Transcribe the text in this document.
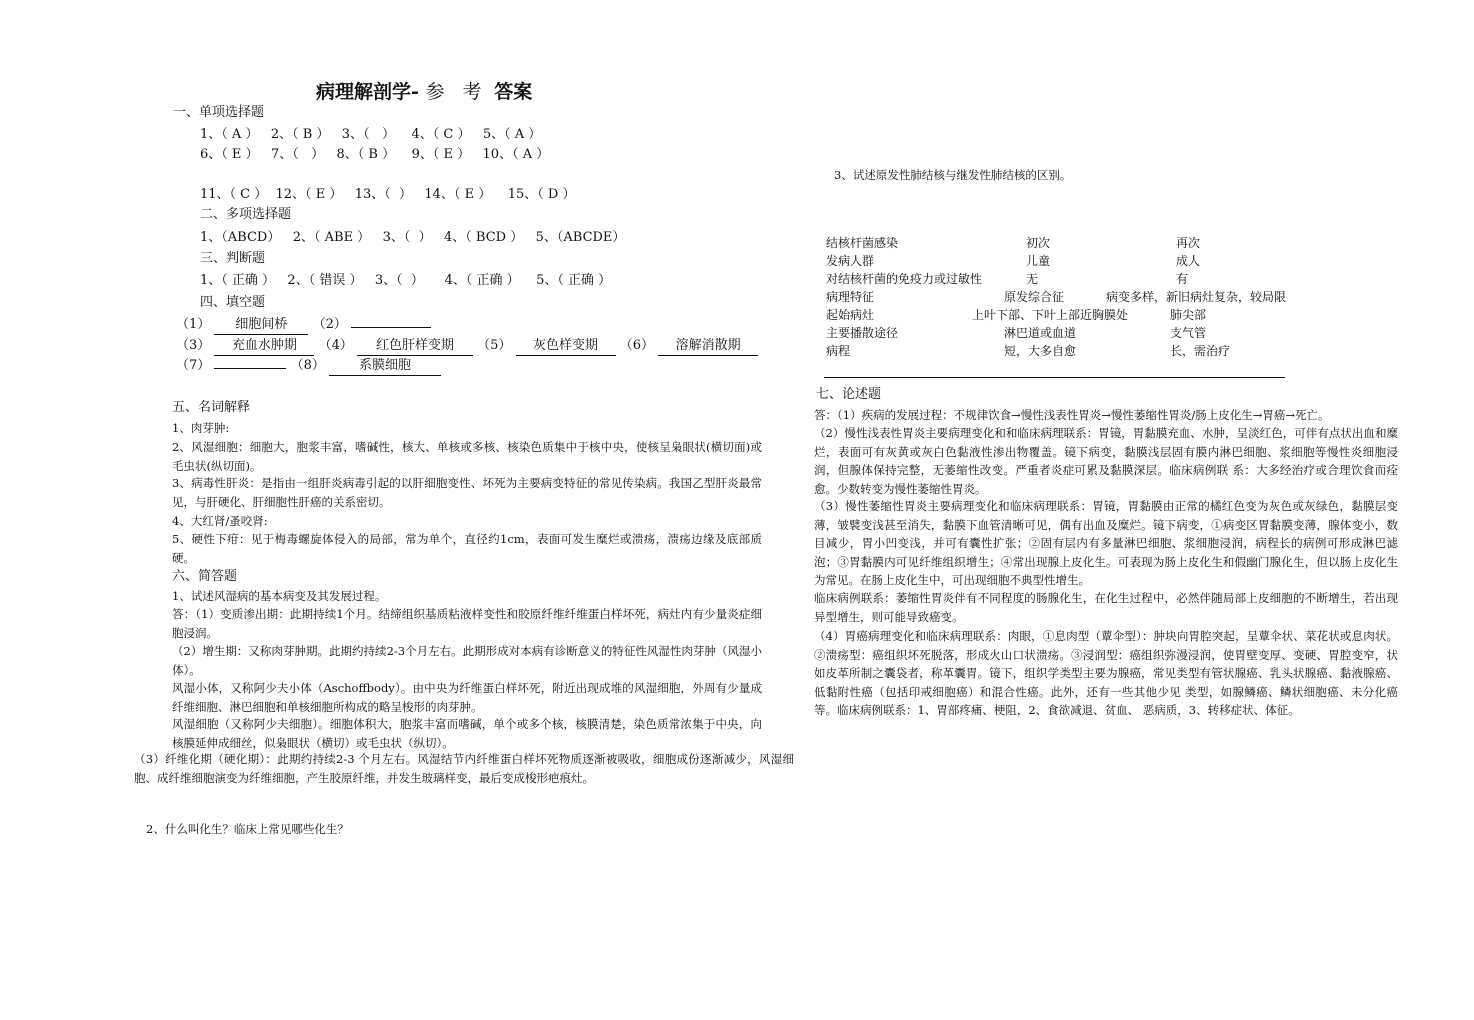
病理解剖学- 参 考 答案
一、单项选择题
1、（ A ）   2、（ B ）   3、（   ）    4、（ C ）   5、（ A ）
6、（ E ）   7、（   ）   8、（ B ）    9、（ E ）   10、（ A ）
11、（ C ）  12、（ E ）   13、（  ）   14、（ E ）    15、（ D ）
二、多项选择题
1、（ABCD）   2、（ ABE ）   3、（  ）   4、（ BCD ）   5、（ABCDE）
三、判断题
1、（ 正确 ）   2、（ 错误 ）   3、（  ）     4、（ 正确 ）    5、（ 正确 ）
四、填空题
（1） 细胞间桥 （2）
（3） 充血水肿期 （4） 红色肝样变期 （5） 灰色样变期 （6） 溶解消散期
（7）	（8）	系膜细胞
五、名词解释
1、肉芽肿:
2、风湿细胞：细胞大，胞浆丰富，嗜碱性，核大、单核或多核、核染色质集中于核中央，使核呈枭眼状(横切面)或毛虫状(纵切面)。
3、病毒性肝炎：是指由一组肝炎病毒引起的以肝细胞变性、坏死为主要病变特征的常见传染病。我国乙型肝炎最常见，与肝硬化、肝细胞性肝癌的关系密切。
4、大红肾/蚤咬肾:
5、硬性下疳：见于梅毒螺旋体侵入的局部，常为单个，直径约1cm，表面可发生糜烂或溃疡，溃疡边缘及底部质硬。
六、简答题
1、试述风湿病的基本病变及其发展过程。
答：（1）变质渗出期：此期持续1个月。结缔组织基质粘液样变性和胶原纤维纤维蛋白样坏死，病灶内有少量炎症细胞浸润。
（2）增生期：又称肉芽肿期。此期约持续2-3个月左右。此期形成对本病有诊断意义的特征性风湿性肉芽肿（风湿小体）。
风湿小体，又称阿少夫小体（Aschoffbody）。由中央为纤维蛋白样坏死，附近出现成堆的风湿细胞，外周有少量成纤维细胞、淋巴细胞和单核细胞所构成的略呈梭形的肉芽肿。
风湿细胞（又称阿少夫细胞）。细胞体积大，胞浆丰富而嗜碱，单个或多个核，核膜清楚，染色质常浓集于中央，向核膜延伸成细丝，似枭眼状（横切）或毛虫状（纵切）。
（3）纤维化期（硬化期）：此期约持续2-3 个月左右。风湿结节内纤维蛋白样坏死物质逐渐被吸收，细胞成份逐渐减少，风湿细胞、成纤维细胞演变为纤维细胞，产生胶原纤维，并发生玻璃样变，最后变成梭形疤痕灶。
2、什么叫化生？临床上常见哪些化生？
3、试述原发性肺结核与继发性肺结核的区别。
结核杆菌感染	初次	再次
发病人群	儿童	成人
对结核杆菌的免疫力或过敏性	无	有
病理特征	原发综合征	病变多样，新旧病灶复杂，较局限
起始病灶	上叶下部、下叶上部近胸膜处	肺尖部
主要播散途径	淋巴道或血道	支气管
病程	短，大多自愈	长，需治疗
七、论述题
答：（1）疾病的发展过程：不规律饮食→慢性浅表性胃炎→慢性萎缩性胃炎/肠上皮化生→胃癌→死亡。
（2）慢性浅表性胃炎主要病理变化和和临床病理联系：胃镜，胃黏膜充血、水肿，呈淡红色，可伴有点状出血和糜烂，表面可有灰黄或灰白色黏液性渗出物覆盖。镜下病变，黏膜浅层固有膜内淋巴细胞、浆细胞等慢性炎细胞浸润，但腺体保持完整，无萎缩性改变。严重者炎症可累及黏膜深层。临床病例联 系：大多经治疗或合理饮食而痊愈。少数转变为慢性萎缩性胃炎。
（3）慢性萎缩性胃炎主要病理变化和临床病理联系：胃镜，胃黏膜由正常的橘红色变为灰色或灰绿色，黏膜层变薄，皱襞变浅甚至消失，黏膜下血管清晰可见，偶有出血及糜烂。镜下病变，①病变区胃黏膜变薄，腺体变小，数目减少，胃小凹变浅，并可有囊性扩张；②固有层内有多量淋巴细胞、浆细胞浸润，病程长的病例可形成淋巴滤泡；③胃黏膜内可见纤维组织增生；④常出现腺上皮化生。可表现为肠上皮化生和假幽门腺化生，但以肠上皮化生为常见。在肠上皮化生中，可出现细胞不典型性增生。
临床病例联系：萎缩性胃炎伴有不同程度的肠腺化生，在化生过程中，必然伴随局部上皮细胞的不断增生，若出现异型增生，则可能导致癌变。
（4）胃癌病理变化和临床病理联系：肉眼，①息肉型（蕈伞型）：肿块向胃腔突起，呈蕈伞状、菜花状或息肉状。②溃疡型：癌组织坏死脱落，形成火山口状溃疡。③浸润型：癌组织弥漫浸润，使胃壁变厚、变硬、胃腔变窄，状如皮革所制之囊袋者，称革囊胃。镜下，组织学类型主要为腺癌，常见类型有管状腺癌、乳头状腺癌、黏液腺癌、低黏附性癌（包括印戒细胞癌）和混合性癌。此外，还有一些其他少见 类型，如腺鳞癌、鳞状细胞癌、未分化癌等。临床病例联系：1、胃部疼痛、梗阻，2、食欲减退、贫血、 恶病质，3、转移症状、体征。
